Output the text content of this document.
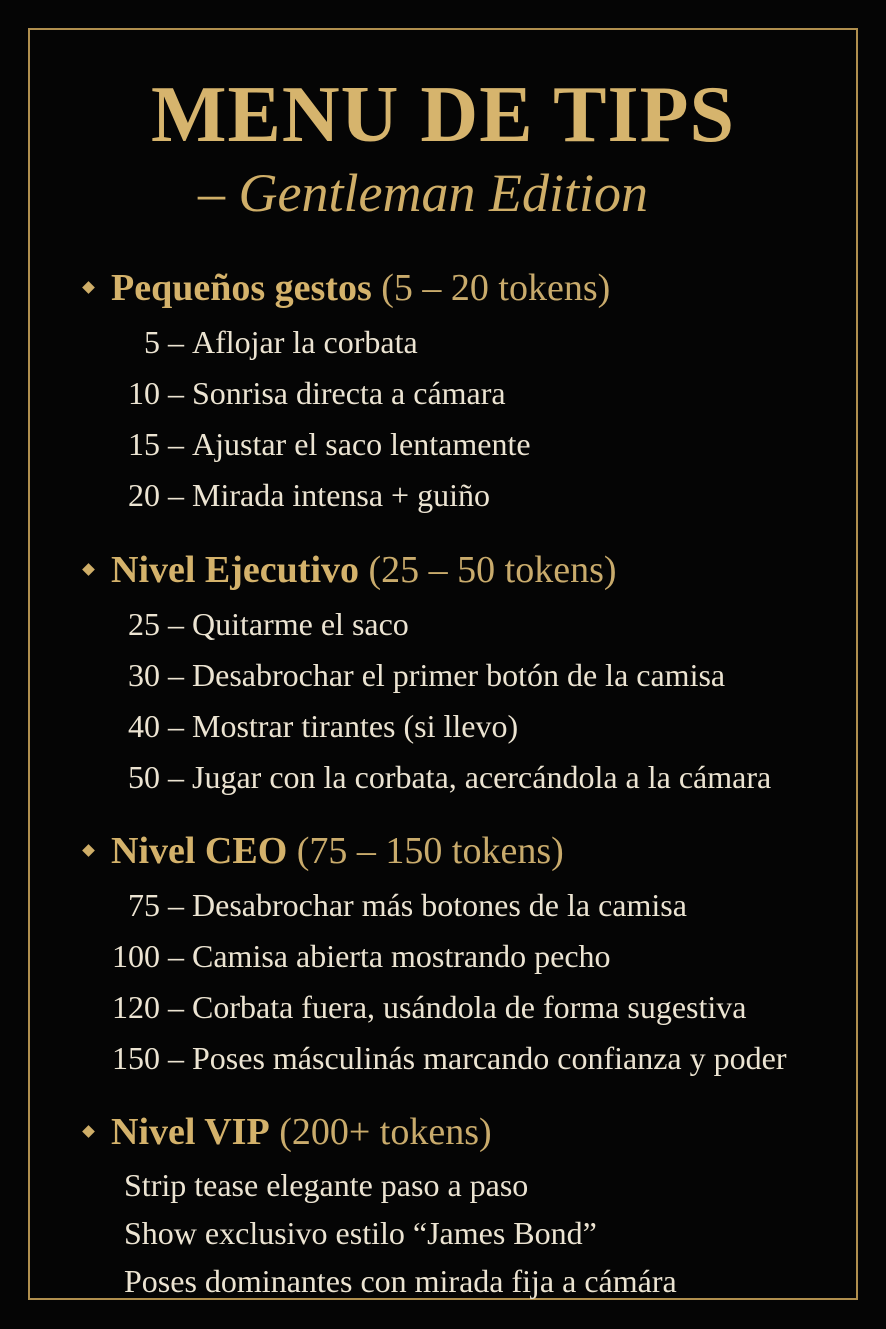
MENU DE TIPS
– Gentleman Edition
Pequeños gestos (5 – 20 tokens)
5 – Aflojar la corbata
10 – Sonrisa directa a cámara
15 – Ajustar el saco lentamente
20 – Mirada intensa + guiño
Nivel Ejecutivo (25 – 50 tokens)
25 – Quitarme el saco
30 – Desabrochar el primer botón de la camisa
40 – Mostrar tirantes (si llevo)
50 – Jugar con la corbata, acercándola a la cámara
Nivel CEO (75 – 150 tokens)
75 – Desabrochar más botones de la camisa
100 – Camisa abierta mostrando pecho
120 – Corbata fuera, usándola de forma sugestiva
150 – Poses másculinás marcando confianza y poder
Nivel VIP (200+ tokens)
Strip tease elegante paso a paso
Show exclusivo estilo “James Bond”
Poses dominantes con mirada fija a cámára
